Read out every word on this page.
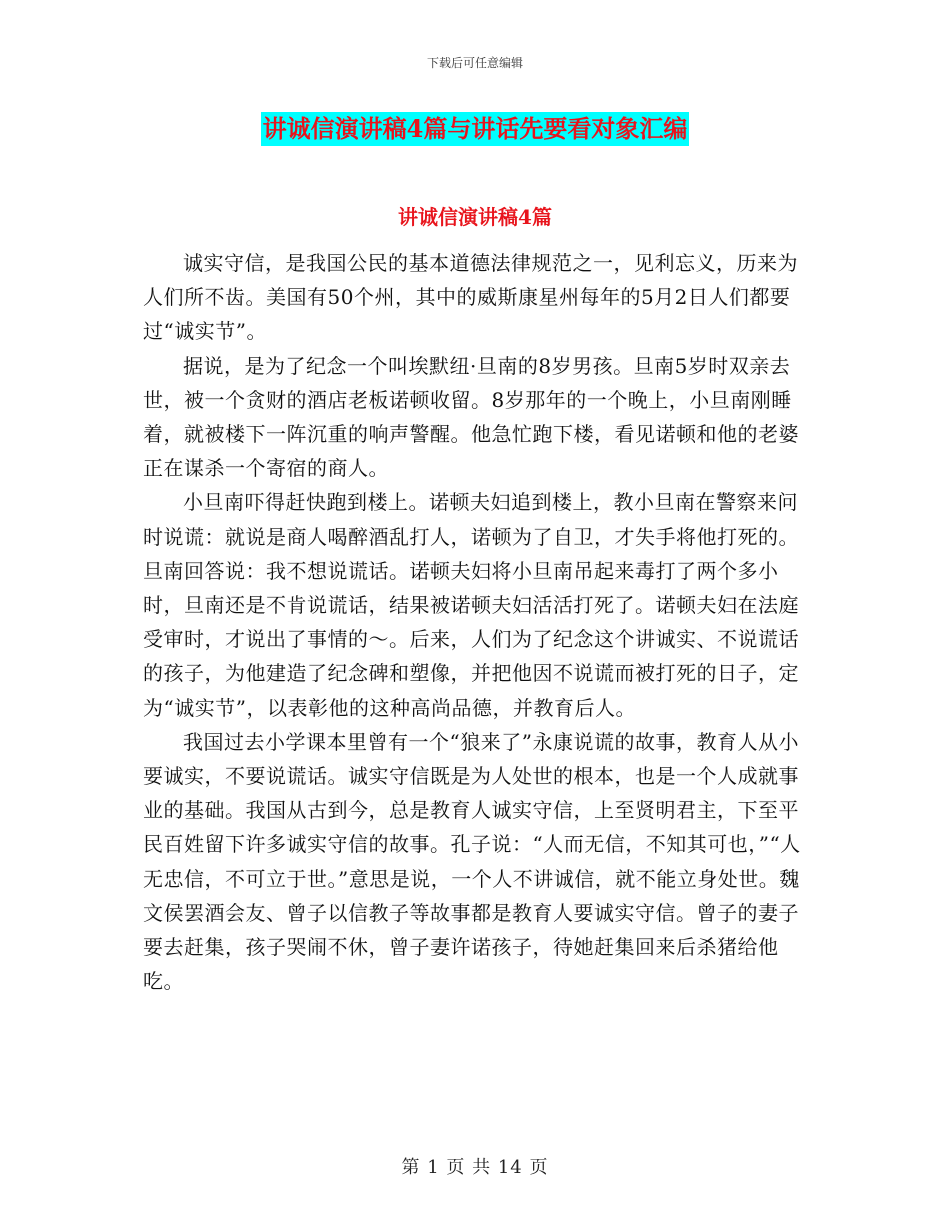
下载后可任意编辑
讲诚信演讲稿4篇与讲话先要看对象汇编
讲诚信演讲稿4篇

诚实守信，是我国公民的基本道德法律规范之一，见利忘义，历来为人们所不齿。美国有50个州，其中的威斯康星州每年的5月2日人们都要过“诚实节”。

据说，是为了纪念一个叫埃默纽·旦南的8岁男孩。旦南5岁时双亲去世，被一个贪财的酒店老板诺顿收留。8岁那年的一个晚上，小旦南刚睡着，就被楼下一阵沉重的响声警醒。他急忙跑下楼，看见诺顿和他的老婆正在谋杀一个寄宿的商人。

小旦南吓得赶快跑到楼上。诺顿夫妇追到楼上，教小旦南在警察来问时说谎：就说是商人喝醉酒乱打人，诺顿为了自卫，才失手将他打死的。旦南回答说：我不想说谎话。诺顿夫妇将小旦南吊起来毒打了两个多小时，旦南还是不肯说谎话，结果被诺顿夫妇活活打死了。诺顿夫妇在法庭受审时，才说出了事情的～。后来，人们为了纪念这个讲诚实、不说谎话的孩子，为他建造了纪念碑和塑像，并把他因不说谎而被打死的日子，定为“诚实节”，以表彰他的这种高尚品德，并教育后人。

我国过去小学课本里曾有一个“狼来了”永康说谎的故事，教育人从小要诚实，不要说谎话。诚实守信既是为人处世的根本，也是一个人成就事业的基础。我国从古到今，总是教育人诚实守信，上至贤明君主，下至平民百姓留下许多诚实守信的故事。孔子说：“人而无信，不知其可也，”“人无忠信，不可立于世。”意思是说，一个人不讲诚信，就不能立身处世。魏文侯罢酒会友、曾子以信教子等故事都是教育人要诚实守信。曾子的妻子要去赶集，孩子哭闹不休，曾子妻许诺孩子，待她赶集回来后杀猪给他吃。

第 1 页 共 14 页
